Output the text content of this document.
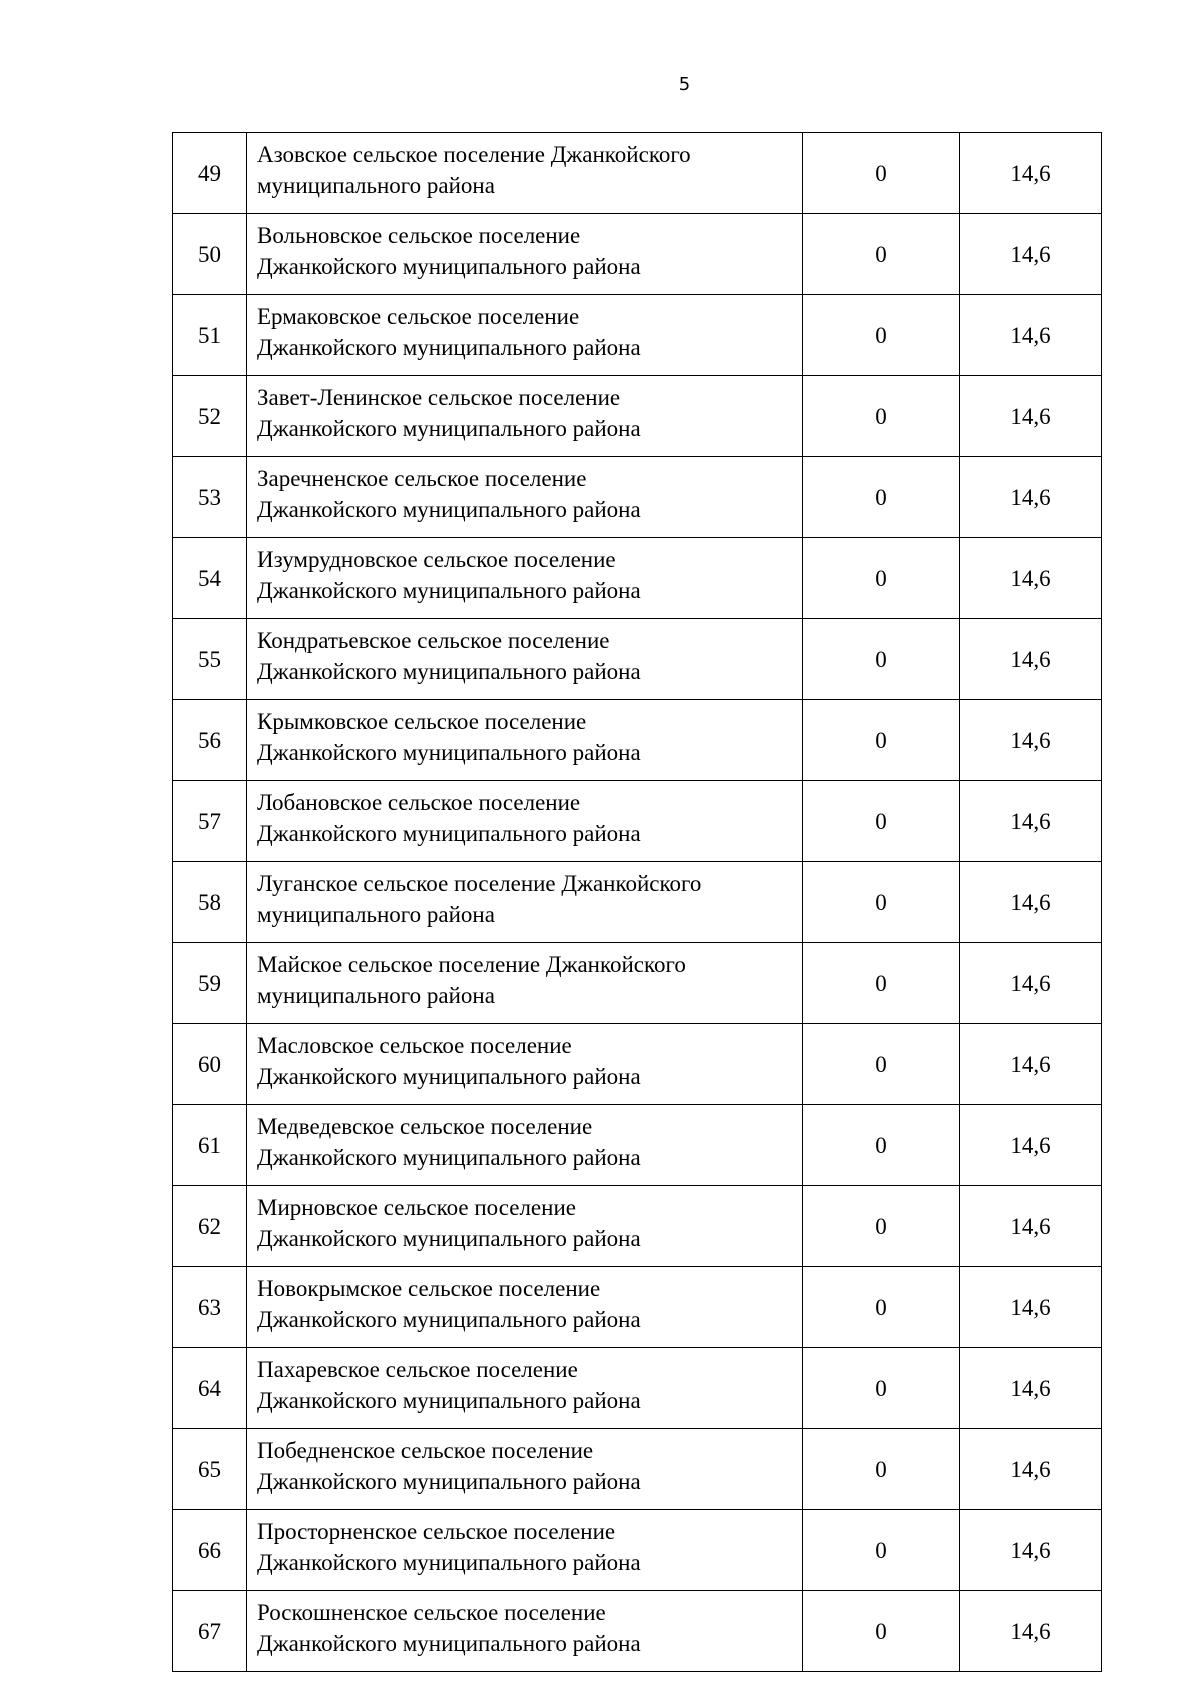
5
49	Азовское сельское поселение Джанкойского
муниципального района	0	14,6
50	Вольновское сельское поселение
Джанкойского муниципального района	0	14,6
51	Ермаковское сельское поселение
Джанкойского муниципального района	0	14,6
52	Завет-Ленинское сельское поселение
Джанкойского муниципального района	0	14,6
53	Заречненское сельское поселение
Джанкойского муниципального района	0	14,6
54	Изумрудновское сельское поселение
Джанкойского муниципального района	0	14,6
55	Кондратьевское сельское поселение
Джанкойского муниципального района	0	14,6
56	Крымковское сельское поселение
Джанкойского муниципального района	0	14,6
57	Лобановское сельское поселение
Джанкойского муниципального района	0	14,6
58	Луганское сельское поселение Джанкойского
муниципального района	0	14,6
59	Майское сельское поселение Джанкойского
муниципального района	0	14,6
60	Масловское сельское поселение
Джанкойского муниципального района	0	14,6
61	Медведевское сельское поселение
Джанкойского муниципального района	0	14,6
62	Мирновское сельское поселение
Джанкойского муниципального района	0	14,6
63	Новокрымское сельское поселение
Джанкойского муниципального района	0	14,6
64	Пахаревское сельское поселение
Джанкойского муниципального района	0	14,6
65	Победненское сельское поселение
Джанкойского муниципального района	0	14,6
66	Просторненское сельское поселение
Джанкойского муниципального района	0	14,6
67	Роскошненское сельское поселение
Джанкойского муниципального района	0	14,6
